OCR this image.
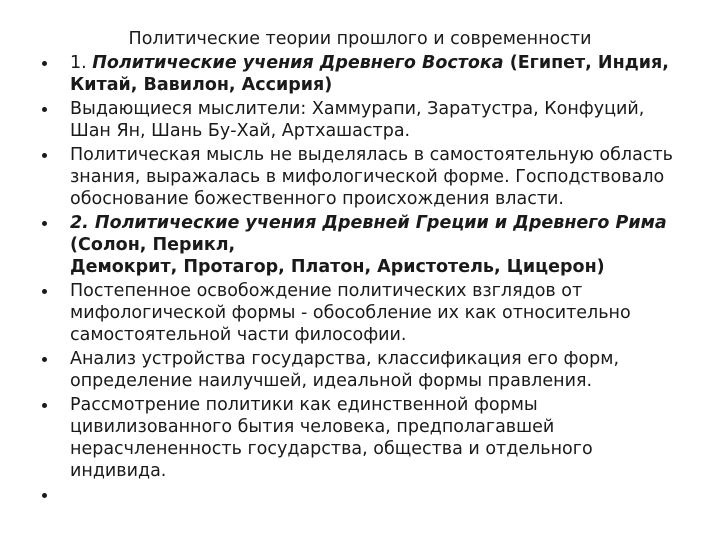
Политические теории прошлого и современности
1. Политические учения Древнего Востока (Египет, Индия,
Китай, Вавилон, Ассирия)
Выдающиеся мыслители: Хаммурапи, Заратустра, Конфуций,
Шан Ян, Шань Бу-Хай, Артхашастра.
Политическая мысль не выделялась в самостоятельную область
знания, выражалась в мифологической форме. Господствовало
обоснование божественного происхождения власти.
2. Политические учения Древней Греции и Древнего Рима
(Солон, Перикл,
Демокрит, Протагор, Платон, Аристотель, Цицерон)
Постепенное освобождение политических взглядов от
мифологической формы - обособление их как относительно
самостоятельной части философии.
Анализ устройства государства, классификация его форм,
определение наилучшей, идеальной формы правления.
Рассмотрение политики как единственной формы
цивилизованного бытия человека, предполагавшей
нерасчлененность государства, общества и отдельного
индивида.
